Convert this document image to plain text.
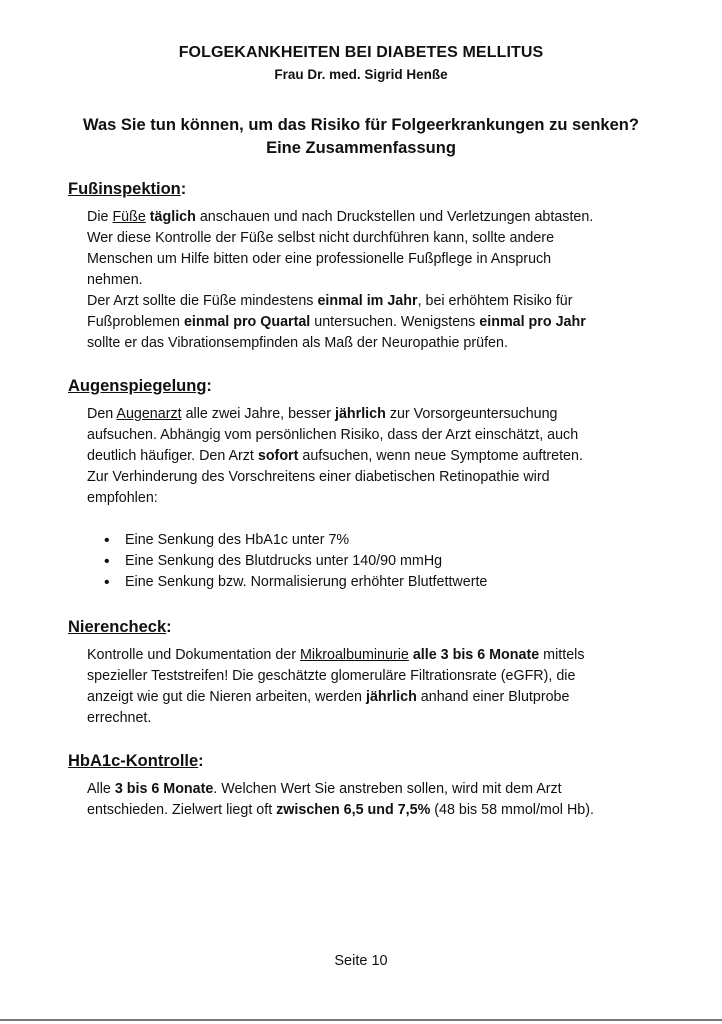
FOLGEKANKHEITEN BEI DIABETES MELLITUS
Frau Dr. med. Sigrid Henße
Was Sie tun können, um das Risiko für Folgeerkrankungen zu senken?
Eine Zusammenfassung
Fußinspektion:
Die Füße täglich anschauen und nach Druckstellen und Verletzungen abtasten.
Wer diese Kontrolle der Füße selbst nicht durchführen kann, sollte andere
Menschen um Hilfe bitten oder eine professionelle Fußpflege in Anspruch
nehmen.
Der Arzt sollte die Füße mindestens einmal im Jahr, bei erhöhtem Risiko für
Fußproblemen einmal pro Quartal untersuchen. Wenigstens einmal pro Jahr
sollte er das Vibrationsempfinden als Maß der Neuropathie prüfen.
Augenspiegelung:
Den Augenarzt alle zwei Jahre, besser jährlich zur Vorsorgeuntersuchung
aufsuchen. Abhängig vom persönlichen Risiko, dass der Arzt einschätzt, auch
deutlich häufiger. Den Arzt sofort aufsuchen, wenn neue Symptome auftreten.
Zur Verhinderung des Vorschreitens einer diabetischen Retinopathie wird
empfohlen:
• Eine Senkung des HbA1c unter 7%
• Eine Senkung des Blutdrucks unter 140/90 mmHg
• Eine Senkung bzw. Normalisierung erhöhter Blutfettwerte
Nierencheck:
Kontrolle und Dokumentation der Mikroalbuminurie alle 3 bis 6 Monate mittels
spezieller Teststreifen! Die geschätzte glomeruläre Filtrationsrate (eGFR), die
anzeigt wie gut die Nieren arbeiten, werden jährlich anhand einer Blutprobe
errechnet.
HbA1c-Kontrolle:
Alle 3 bis 6 Monate. Welchen Wert Sie anstreben sollen, wird mit dem Arzt
entschieden. Zielwert liegt oft zwischen 6,5 und 7,5% (48 bis 58 mmol/mol Hb).
Seite 10
